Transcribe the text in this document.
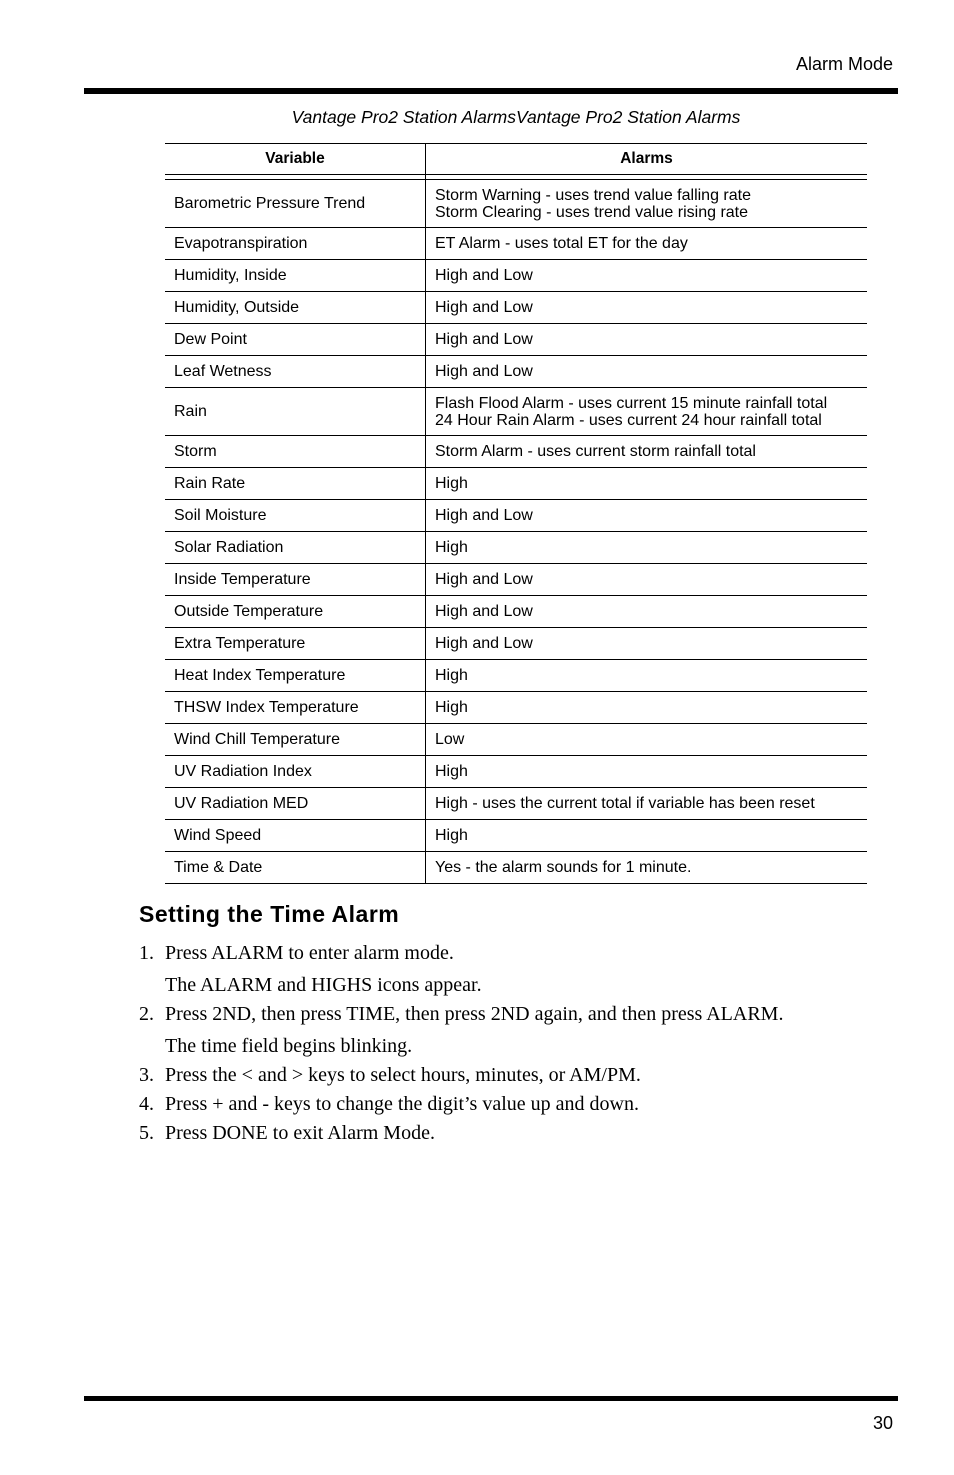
Alarm Mode
Vantage Pro2 Station AlarmsVantage Pro2 Station Alarms
Variable	Alarms

Barometric Pressure Trend	Storm Warning - uses trend value falling rate
Storm Clearing - uses trend value rising rate

Evapotranspiration	ET Alarm - uses total ET for the day

Humidity, Inside	High and Low

Humidity, Outside	High and Low

Dew Point	High and Low

Leaf Wetness	High and Low

Rain	Flash Flood Alarm - uses current 15 minute rainfall total
24 Hour Rain Alarm - uses current 24 hour rainfall total

Storm	Storm Alarm - uses current storm rainfall total

Rain Rate	High

Soil Moisture	High and Low

Solar Radiation	High

Inside Temperature	High and Low

Outside Temperature	High and Low

Extra Temperature	High and Low

Heat Index Temperature	High

THSW Index Temperature	High

Wind Chill Temperature	Low

UV Radiation Index	High

UV Radiation MED	High - uses the current total if variable has been reset

Wind Speed	High

Time & Date	Yes - the alarm sounds for 1 minute.
Setting the Time Alarm
1. Press ALARM to enter alarm mode.
The ALARM and HIGHS icons appear.
2. Press 2ND, then press TIME, then press 2ND again, and then press ALARM.
The time field begins blinking.
3. Press the < and > keys to select hours, minutes, or AM/PM.
4. Press + and - keys to change the digit’s value up and down.
5. Press DONE to exit Alarm Mode.
30
